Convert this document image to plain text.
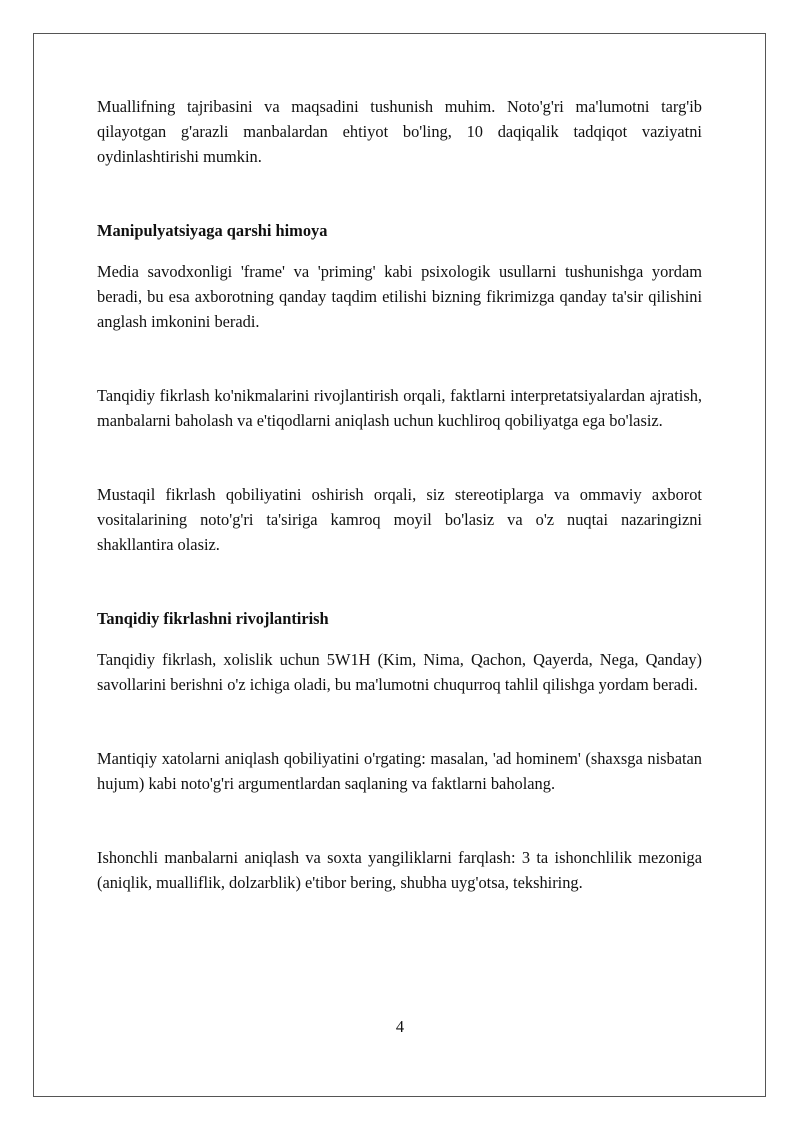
Muallifning tajribasini va maqsadini tushunish muhim. Noto'g'ri ma'lumotni targ'ib qilayotgan g'arazli manbalardan ehtiyot bo'ling, 10 daqiqalik tadqiqot vaziyatni oydinlashtirishi mumkin.

Manipulyatsiyaga qarshi himoya

Media savodxonligi 'frame' va 'priming' kabi psixologik usullarni tushunishga yordam beradi, bu esa axborotning qanday taqdim etilishi bizning fikrimizga qanday ta'sir qilishini anglash imkonini beradi.

Tanqidiy fikrlash ko'nikmalarini rivojlantirish orqali, faktlarni interpretatsiyalardan ajratish, manbalarni baholash va e'tiqodlarni aniqlash uchun kuchliroq qobiliyatga ega bo'lasiz.

Mustaqil fikrlash qobiliyatini oshirish orqali, siz stereotiplarga va ommaviy axborot vositalarining noto'g'ri ta'siriga kamroq moyil bo'lasiz va o'z nuqtai nazaringizni shakllantira olasiz.

Tanqidiy fikrlashni rivojlantirish

Tanqidiy fikrlash, xolislik uchun 5W1H (Kim, Nima, Qachon, Qayerda, Nega, Qanday) savollarini berishni o'z ichiga oladi, bu ma'lumotni chuqurroq tahlil qilishga yordam beradi.

Mantiqiy xatolarni aniqlash qobiliyatini o'rgating: masalan, 'ad hominem' (shaxsga nisbatan hujum) kabi noto'g'ri argumentlardan saqlaning va faktlarni baholang.

Ishonchli manbalarni aniqlash va soxta yangiliklarni farqlash: 3 ta ishonchlilik mezoniga (aniqlik, mualliflik, dolzarblik) e'tibor bering, shubha uyg'otsa, tekshiring.

4
